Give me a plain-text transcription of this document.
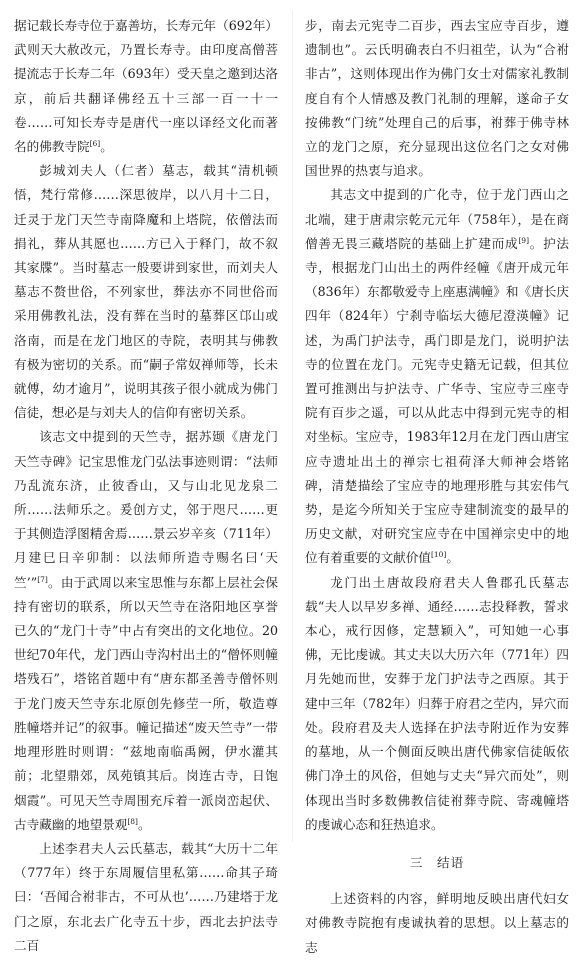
据记载长寿寺位于嘉善坊，长寿元年（692年）武则天大赦改元，乃置长寿寺。由印度高僧菩提流志于长寿二年（693年）受天皇之邀到达洛京，前后共翻译佛经五十三部一百一十一卷……可知长寿寺是唐代一座以译经文化而著名的佛教寺院[6]。

彭城刘夫人（仁者）墓志，载其“清机顿悟，梵行常修……深思彼岸，以八月十二日，迁灵于龙门天竺寺南降魔和上塔院，依僧法而捐礼，葬从其愿也……方已入于释门，故不叙其家牒”。当时墓志一般要讲到家世，而刘夫人墓志不赘世俗，不列家世，葬法亦不同世俗而采用佛教礼法，没有葬在当时的墓葬区邙山或洛南，而是在龙门地区的寺院，表明其与佛教有极为密切的关系。而“嗣子常奴禅师等，长未就傅，幼才逾月”，说明其孩子很小就成为佛门信徒，想必是与刘夫人的信仰有密切关系。

该志文中提到的天竺寺，据苏颋《唐龙门天竺寺碑》记宝思惟龙门弘法事迹则谓：“法师乃乱流东济，止彼香山，又与山北见龙泉二所……法师乐之。爰创方丈，邻于咫尺……更于其侧造浮图精舍焉……景云岁辛亥（711年）月建巳日辛卯制：以法师所造寺赐名曰‘天竺’”[7]。由于武周以来宝思惟与东都上层社会保持有密切的联系，所以天竺寺在洛阳地区享誉已久的“龙门十寺”中占有突出的文化地位。20世纪70年代，龙门西山寺沟村出土的“僧怀则幢塔残石”，塔铭首题中有“唐东都圣善寺僧怀则于龙门废天竺寺东北原创先修茔一所，敬造尊胜幢塔并记”的叙事。幢记描述“废天竺寺”一带地理形胜时则谓：“兹地南临禹阙，伊水灌其前；北望鼎郊，凤苑镇其后。岗连古寺，日饱烟霞”。可见天竺寺周围充斥着一派岗峦起伏、古寺藏幽的地望景观[8]。

上述李君夫人云氏墓志，载其“大历十二年（777年）终于东周履信里私第……命其子琦曰：‘吾闻合祔非古，不可从也’……乃建塔于龙门之原，东北去广化寺五十步，西北去护法寺二百

步，南去元宪寺二百步，西去宝应寺百步，遵遗制也”。云氏明确表白不归祖茔，认为“合祔非古”，这则体现出作为佛门女士对儒家礼教制度自有个人情感及教门礼制的理解，遂命子女按佛教“门统”处理自己的后事，祔葬于佛寺林立的龙门之原，充分显现出这位名门之女对佛国世界的热衷与追求。

其志文中提到的广化寺，位于龙门西山之北端，建于唐肃宗乾元元年（758年），是在商僧善无畏三藏塔院的基础上扩建而成[9]。护法寺，根据龙门山出土的两件经幢《唐开成元年（836年）东都敬爱寺上座惠满幢》和《唐长庆四年（824年）宁刹寺临坛大德尼澄渶幢》记述，为禹门护法寺，禹门即是龙门，说明护法寺的位置在龙门。元宪寺史籍无记载，但其位置可推测出与护法寺、广华寺、宝应寺三座寺院有百步之遥，可以从此志中得到元宪寺的相对坐标。宝应寺，1983年12月在龙门西山唐宝应寺遗址出土的禅宗七祖荷泽大师神会塔铭碑，清楚描绘了宝应寺的地理形胜与其宏伟气势，是迄今所知关于宝应寺建制流变的最早的历史文献，对研究宝应寺在中国禅宗史中的地位有着重要的文献价值[10]。

龙门出土唐故段府君夫人鲁郡孔氏墓志载“夫人以早岁多禅、通经……志投释教，誓求本心，戒行因修，定慧颖入”，可知她一心事佛，无比虔诚。其丈夫以大历六年（771年）四月先她而世，安葬于龙门护法寺之西原。其于建中三年（782年）归葬于府君之茔内，异穴而处。段府君及夫人选择在护法寺附近作为安葬的墓地，从一个侧面反映出唐代佛家信徒皈依佛门净土的风俗，但她与丈夫“异穴而处”，则体现出当时多数佛教信徒祔葬寺院、寄魂幢塔的虔诚心态和狂热追求。

三　结语

上述资料的内容，鲜明地反映出唐代妇女对佛教寺院抱有虔诚执着的思想。以上墓志的志
